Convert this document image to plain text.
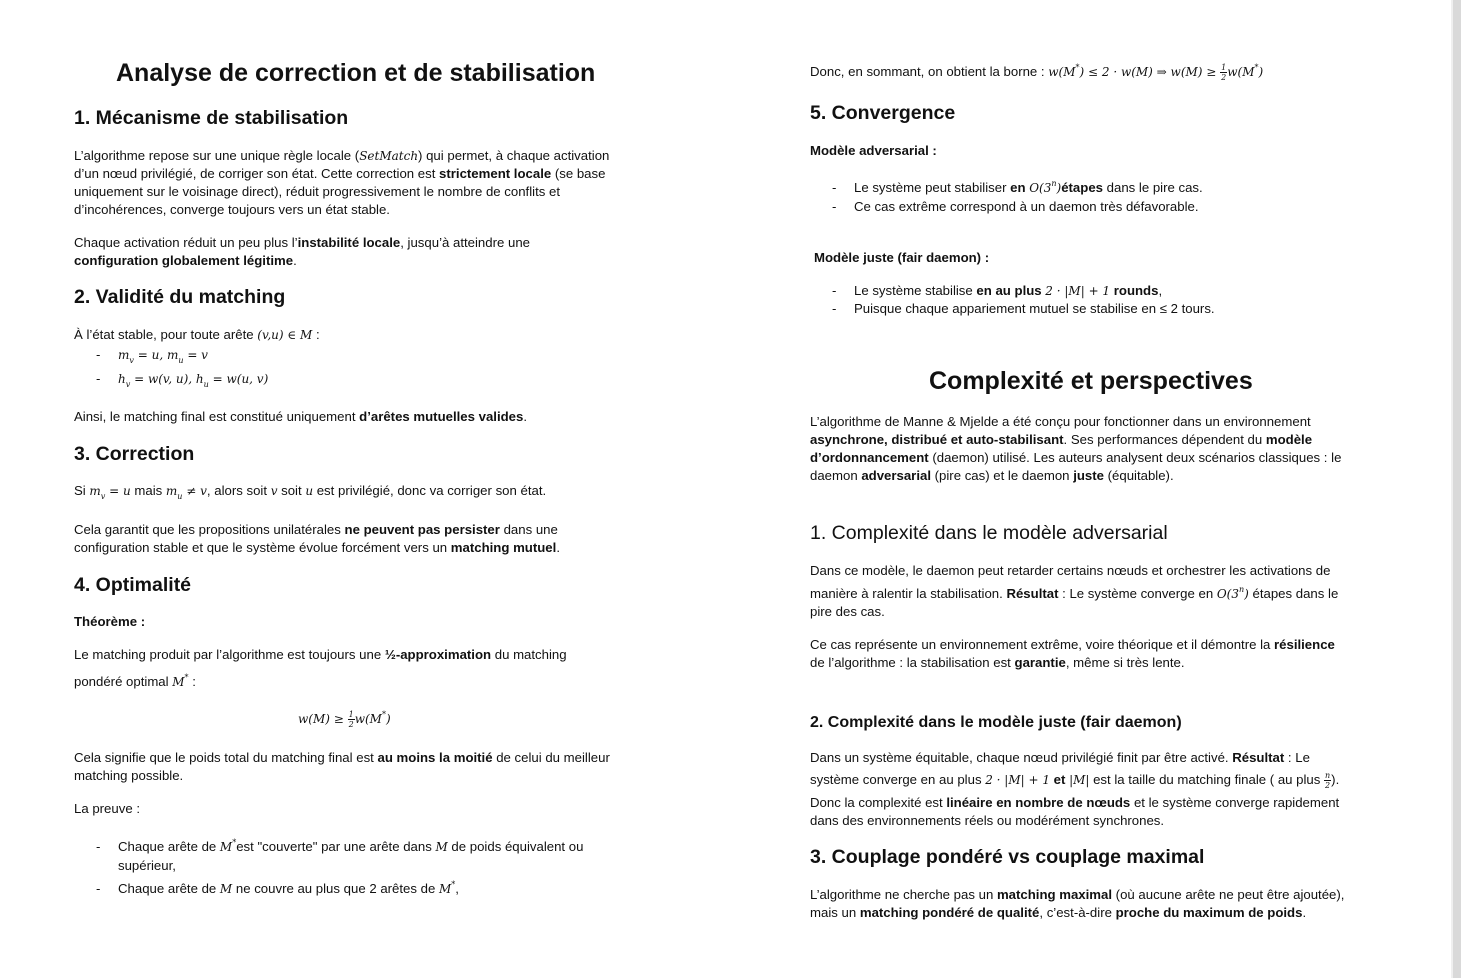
Analyse de correction et de stabilisation
1. Mécanisme de stabilisation
L’algorithme repose sur une unique règle locale (SetMatch) qui permet, à chaque activation
d’un nœud privilégié, de corriger son état. Cette correction est strictement locale (se base
uniquement sur le voisinage direct), réduit progressivement le nombre de conflits et
d’incohérences, converge toujours vers un état stable.
Chaque activation réduit un peu plus l’instabilité locale, jusqu’à atteindre une
configuration globalement légitime.
2. Validité du matching
À l’état stable, pour toute arête (v,u) ∈ M :
- $m_v = u$, $m_u = v$
- $h_v = w(v$, u), $h_u = w(u$, v)
Ainsi, le matching final est constitué uniquement d’arêtes mutuelles valides.
3. Correction
Si $m_v = u$ mais $m_u \ne v$, alors soit v soit u est privilégié, donc va corriger son état.
Cela garantit que les propositions unilatérales ne peuvent pas persister dans une
configuration stable et que le système évolue forcément vers un matching mutuel.
4. Optimalité
Théorème :
Le matching produit par l’algorithme est toujours une ½-approximation du matching
pondéré optimal M* :
$w(M) \ge \frac{1}{2} w(M^*)$
Cela signifie que le poids total du matching final est au moins la moitié de celui du meilleur
matching possible.
La preuve :
- Chaque arête de M*est "couverte" par une arête dans M de poids équivalent ou
supérieur,
- Chaque arête de M ne couvre au plus que 2 arêtes de M*,
Donc, en sommant, on obtient la borne : w(M*) ≤ 2 · w(M) ⇒ $w(M) \ge \frac{1}{2} w(M^*)$
5. Convergence
Modèle adversarial :
- Le système peut stabiliser en O(3$^n$)étapes dans le pire cas.
- Ce cas extrême correspond à un daemon très défavorable.
Modèle juste (fair daemon) :
- Le système stabilise en au plus 2 · |M| + 1 rounds,
- Puisque chaque appariement mutuel se stabilise en ≤ 2 tours.
Complexité et perspectives
L’algorithme de Manne & Mjelde a été conçu pour fonctionner dans un environnement
asynchrone, distribué et auto-stabilisant. Ses performances dépendent du modèle
d’ordonnancement (daemon) utilisé. Les auteurs analysent deux scénarios classiques : le
daemon adversarial (pire cas) et le daemon juste (équitable).
1. Complexité dans le modèle adversarial
Dans ce modèle, le daemon peut retarder certains nœuds et orchestrer les activations de
manière à ralentir la stabilisation. Résultat : Le système converge en O(3$^n$) étapes dans le
pire des cas.
Ce cas représente un environnement extrême, voire théorique et il démontre la résilience
de l’algorithme : la stabilisation est garantie, même si très lente.
2. Complexité dans le modèle juste (fair daemon)
Dans un système équitable, chaque nœud privilégié finit par être activé. Résultat : Le
système converge en au plus 2 · |M| + 1 et |M| est la taille du matching finale ( au plus $\frac{n}{2}$ ).
Donc la complexité est linéaire en nombre de nœuds et le système converge rapidement
dans des environnements réels ou modérément synchrones.
3. Couplage pondéré vs couplage maximal
L’algorithme ne cherche pas un matching maximal (où aucune arête ne peut être ajoutée),
mais un matching pondéré de qualité, c’est-à-dire proche du maximum de poids.
